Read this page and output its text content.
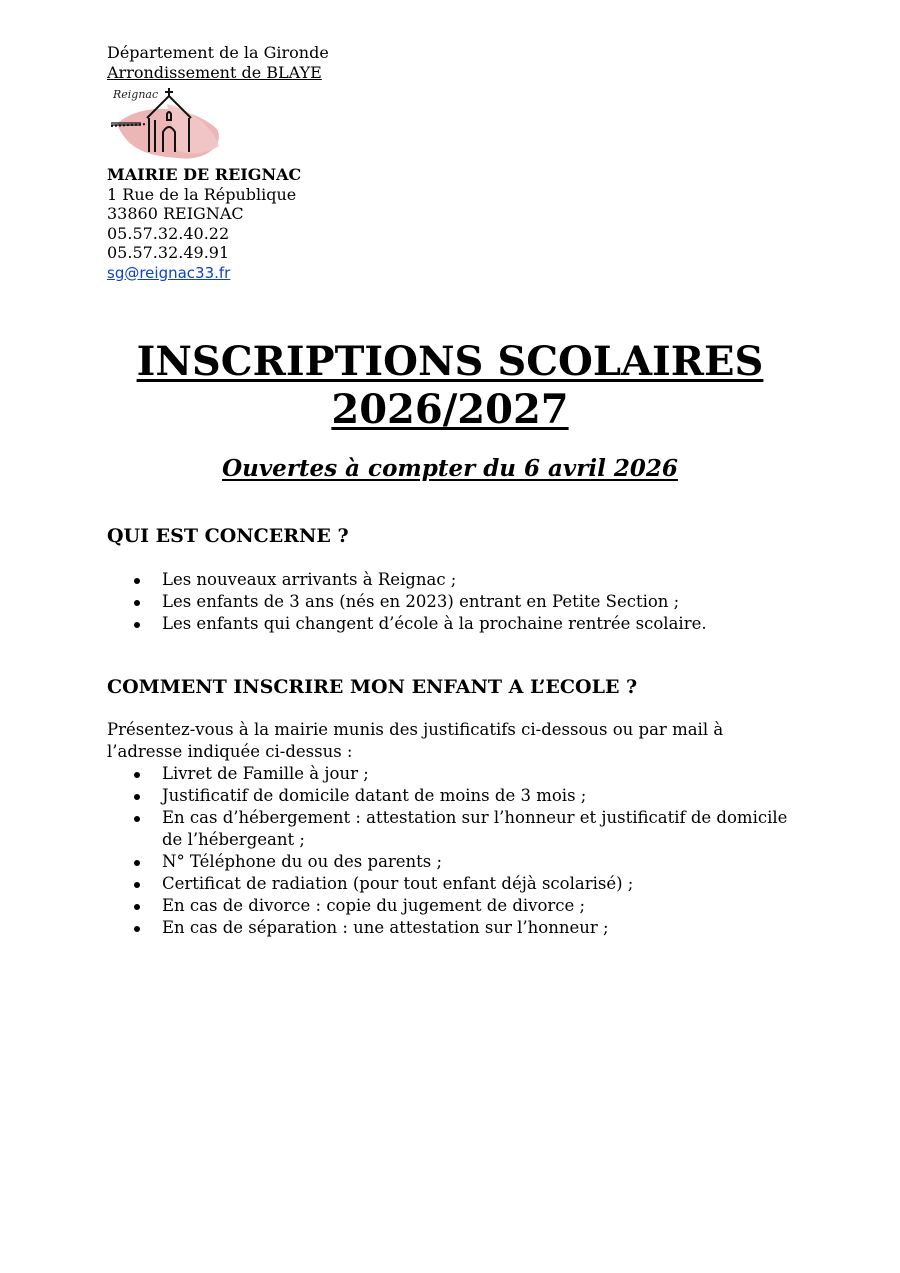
Département de la Gironde
Arrondissement de BLAYE
Reignac
MAIRIE DE REIGNAC
1 Rue de la République
33860 REIGNAC
05.57.32.40.22
05.57.32.49.91
sg@reignac33.fr
INSCRIPTIONS SCOLAIRES
2026/2027
Ouvertes à compter du 6 avril 2026
QUI EST CONCERNE ?
Les nouveaux arrivants à Reignac ;
Les enfants de 3 ans (nés en 2023) entrant en Petite Section ;
Les enfants qui changent d’école à la prochaine rentrée scolaire.
COMMENT INSCRIRE MON ENFANT A L’ECOLE ?
Présentez-vous à la mairie munis des justificatifs ci-dessous ou par mail à l’adresse indiquée ci-dessus :
Livret de Famille à jour ;
Justificatif de domicile datant de moins de 3 mois ;
En cas d’hébergement : attestation sur l’honneur et justificatif de domicile de l’hébergeant ;
N° Téléphone du ou des parents ;
Certificat de radiation (pour tout enfant déjà scolarisé) ;
En cas de divorce : copie du jugement de divorce ;
En cas de séparation : une attestation sur l’honneur ;
